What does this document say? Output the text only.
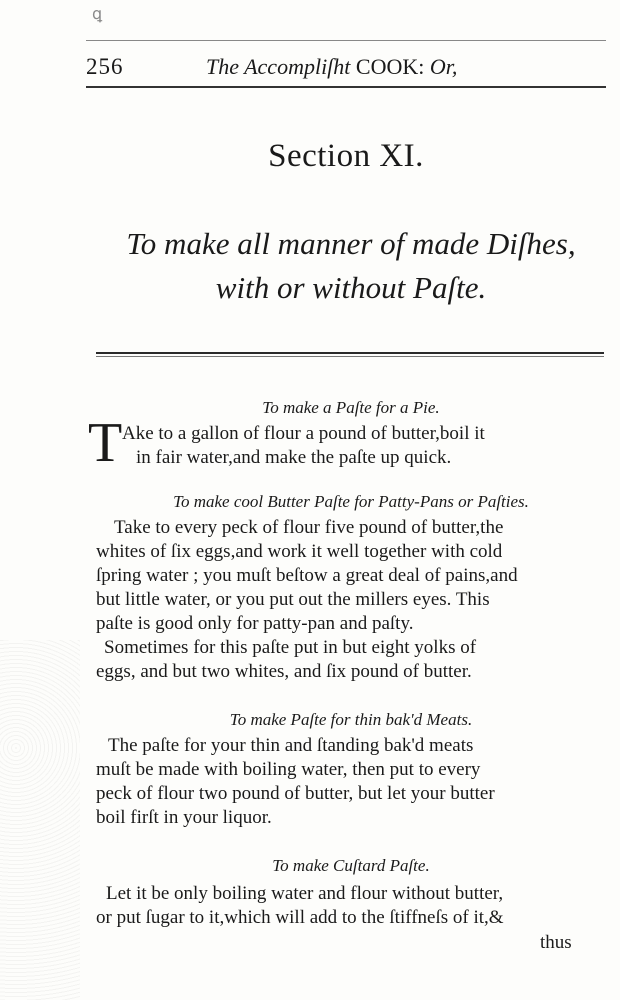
ꝗ
256	The Accompliſht COOK: Or,
Section XI.
To make all manner of made Diſhes,
with or without Paſte.
To make a Paſte for a Pie.
T Ake to a gallon of flour a pound of butter,boil it
in fair water,and make the paſte up quick.
To make cool Butter Paſte for Patty-Pans or Paſties.
Take to every peck of flour five pound of butter,the
whites of ſix eggs,and work it well together with cold
ſpring water ; you muſt beſtow a great deal of pains,and
but little water, or you put out the millers eyes. This
paſte is good only for patty-pan and paſty.
Sometimes for this paſte put in but eight yolks of
eggs, and but two whites, and ſix pound of butter.
To make Paſte for thin bak'd Meats.
The paſte for your thin and ſtanding bak'd meats
muſt be made with boiling water, then put to every
peck of flour two pound of butter, but let your butter
boil firſt in your liquor.
To make Cuſtard Paſte.
Let it be only boiling water and flour without butter,
or put ſugar to it,which will add to the ſtiffneſs of it,&
thus
